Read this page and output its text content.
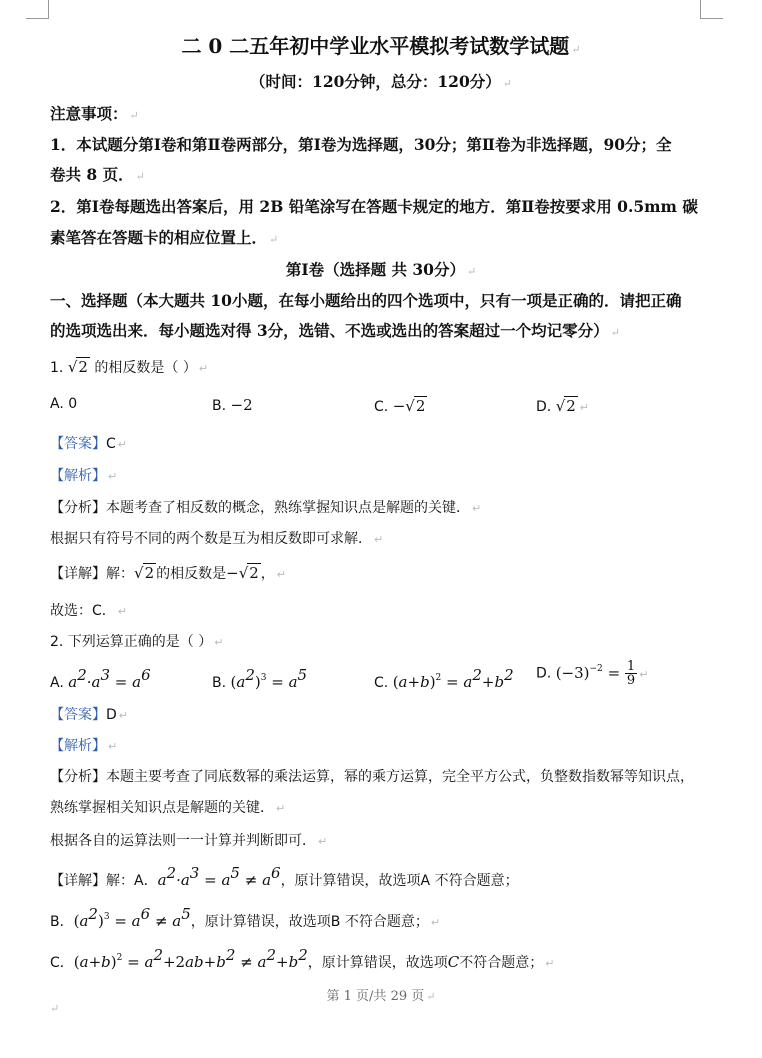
二 0 二五年初中学业水平模拟考试数学试题 ↵
（时间：120分钟，总分：120分） ↵
注意事项： ↵
1．本试题分第Ⅰ卷和第Ⅱ卷两部分，第Ⅰ卷为选择题，30分；第Ⅱ卷为非选择题，90分；全
卷共 8 页． ↵
2．第Ⅰ卷每题选出答案后，用 2B 铅笔涂写在答题卡规定的地方．第Ⅱ卷按要求用 0.5mm 碳
素笔答在答题卡的相应位置上． ↵
第Ⅰ卷（选择题 共 30分） ↵
一、选择题（本大题共 10小题，在每小题给出的四个选项中，只有一项是正确的．请把正确
的选项选出来．每小题选对得 3分，选错、不选或选出的答案超过一个均记零分） ↵
1. √2 的相反数是（ ） ↵
A. 0	B. −2	C. −√2	D. √2 ↵
【答案】C ↵
【解析】 ↵
【分析】本题考查了相反数的概念，熟练掌握知识点是解题的关键． ↵
根据只有符号不同的两个数是互为相反数即可求解． ↵
【详解】解：√2 的相反数是−√2 ， ↵
故选：C． ↵
2. 下列运算正确的是（ ） ↵
A. $a^2\cdot a^3 = a^6$	B. $(a^2)^3 = a^5$	C. $(a+b)^2 = a^2+b^2$ D. $(-3)^{-2} = \frac{1}{9}$ ↵
【答案】D ↵
【解析】 ↵
【分析】本题主要考查了同底数幂的乘法运算，幂的乘方运算，完全平方公式，负整数指数幂等知识点，
熟练掌握相关知识点是解题的关键． ↵
根据各自的运算法则一一计算并判断即可． ↵
【详解】解：A．$a^2\cdot a^3 = a^5 \ne a^6$，原计算错误，故选项A 不符合题意；
B．$(a^2)^3 = a^6 \ne a^5$，原计算错误，故选项B 不符合题意； ↵
C．$(a+b)^2 = a^2+2ab+b^2 \ne a^2+b^2$，原计算错误，故选项C不符合题意； ↵
第 1 页/共 29 页 ↵
↵
